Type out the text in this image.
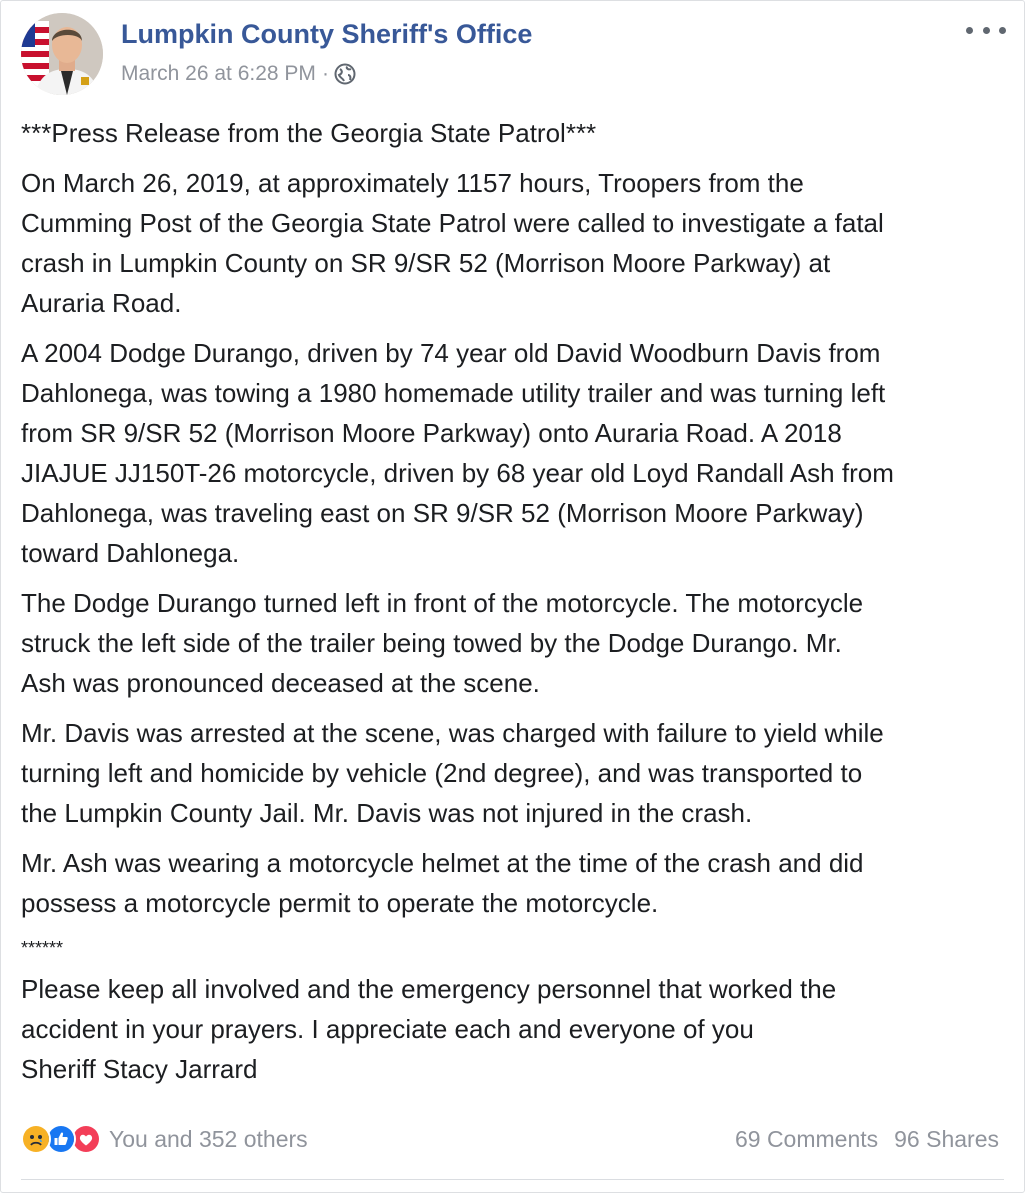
Lumpkin County Sheriff's Office
March 26 at 6:28 PM ·

***Press Release from the Georgia State Patrol***

On March 26, 2019, at approximately 1157 hours, Troopers from the
Cumming Post of the Georgia State Patrol were called to investigate a fatal
crash in Lumpkin County on SR 9/SR 52 (Morrison Moore Parkway) at
Auraria Road.

A 2004 Dodge Durango, driven by 74 year old David Woodburn Davis from
Dahlonega, was towing a 1980 homemade utility trailer and was turning left
from SR 9/SR 52 (Morrison Moore Parkway) onto Auraria Road. A 2018
JIAJUE JJ150T-26 motorcycle, driven by 68 year old Loyd Randall Ash from
Dahlonega, was traveling east on SR 9/SR 52 (Morrison Moore Parkway)
toward Dahlonega.

The Dodge Durango turned left in front of the motorcycle. The motorcycle
struck the left side of the trailer being towed by the Dodge Durango. Mr.
Ash was pronounced deceased at the scene.

Mr. Davis was arrested at the scene, was charged with failure to yield while
turning left and homicide by vehicle (2nd degree), and was transported to
the Lumpkin County Jail. Mr. Davis was not injured in the crash.

Mr. Ash was wearing a motorcycle helmet at the time of the crash and did
possess a motorcycle permit to operate the motorcycle.

******

Please keep all involved and the emergency personnel that worked the
accident in your prayers. I appreciate each and everyone of you
Sheriff Stacy Jarrard

You and 352 others	69 Comments 96 Shares
